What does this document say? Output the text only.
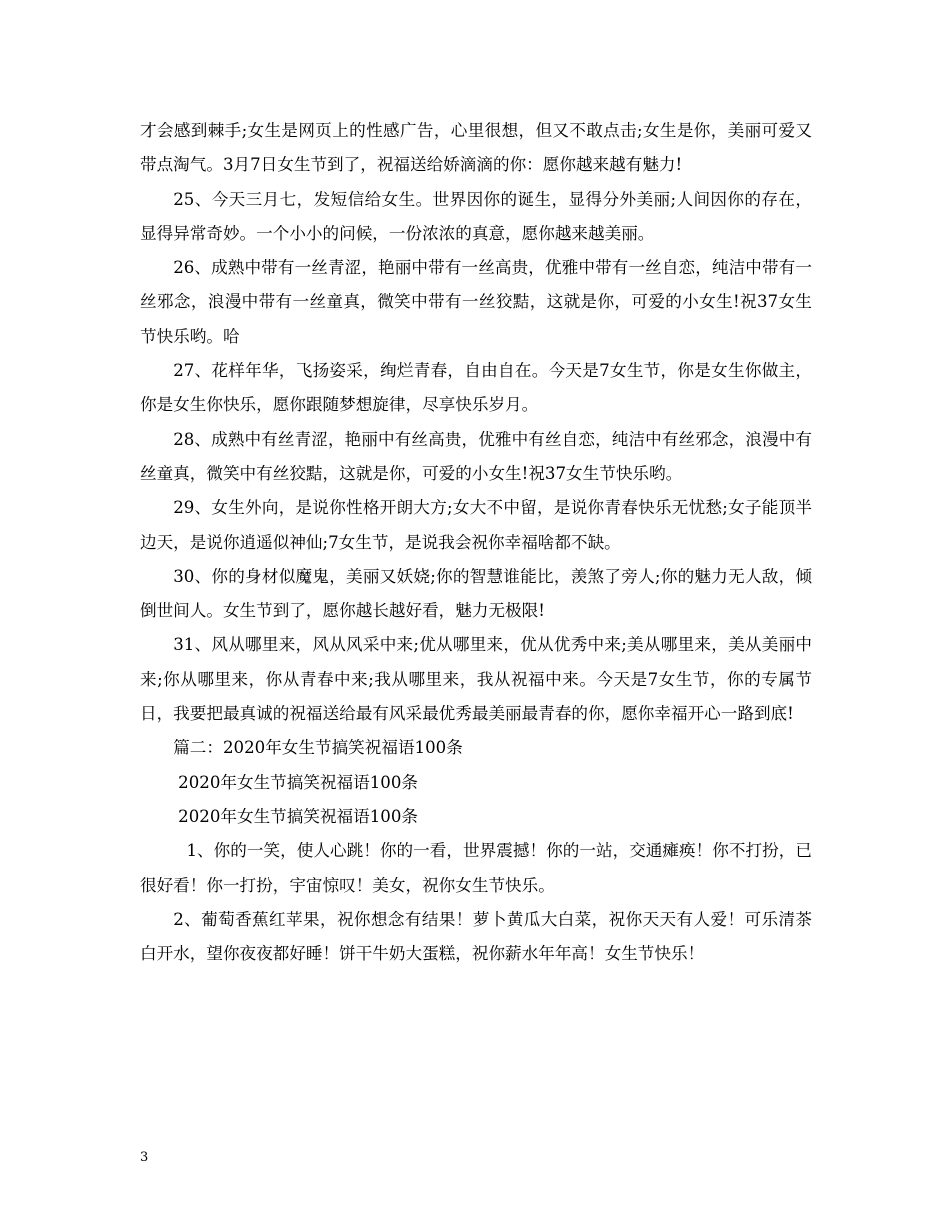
才会感到棘手;女生是网页上的性感广告，心里很想，但又不敢点击;女生是你，美丽可爱又带点淘气。3月7日女生节到了，祝福送给娇滴滴的你：愿你越来越有魅力!

25、今天三月七，发短信给女生。世界因你的诞生，显得分外美丽;人间因你的存在，显得异常奇妙。一个小小的问候，一份浓浓的真意，愿你越来越美丽。

26、成熟中带有一丝青涩，艳丽中带有一丝高贵，优雅中带有一丝自恋，纯洁中带有一丝邪念，浪漫中带有一丝童真，微笑中带有一丝狡黠，这就是你，可爱的小女生!祝37女生节快乐哟。哈

27、花样年华，飞扬姿采，绚烂青春，自由自在。今天是7女生节，你是女生你做主，你是女生你快乐，愿你跟随梦想旋律，尽享快乐岁月。

28、成熟中有丝青涩，艳丽中有丝高贵，优雅中有丝自恋，纯洁中有丝邪念，浪漫中有丝童真，微笑中有丝狡黠，这就是你，可爱的小女生!祝37女生节快乐哟。

29、女生外向，是说你性格开朗大方;女大不中留，是说你青春快乐无忧愁;女子能顶半边天，是说你逍遥似神仙;7女生节，是说我会祝你幸福啥都不缺。

30、你的身材似魔鬼，美丽又妖娆;你的智慧谁能比，羡煞了旁人;你的魅力无人敌，倾倒世间人。女生节到了，愿你越长越好看，魅力无极限!

31、风从哪里来，风从风采中来;优从哪里来，优从优秀中来;美从哪里来，美从美丽中来;你从哪里来，你从青春中来;我从哪里来，我从祝福中来。今天是7女生节，你的专属节日，我要把最真诚的祝福送给最有风采最优秀最美丽最青春的你，愿你幸福开心一路到底!

篇二：2020年女生节搞笑祝福语100条

2020年女生节搞笑祝福语100条

2020年女生节搞笑祝福语100条

1、你的一笑，使人心跳！你的一看，世界震撼！你的一站，交通瘫痪！你不打扮，已很好看！你一打扮，宇宙惊叹！美女，祝你女生节快乐。

2、葡萄香蕉红苹果，祝你想念有结果！萝卜黄瓜大白菜，祝你天天有人爱！可乐清茶白开水，望你夜夜都好睡！饼干牛奶大蛋糕，祝你薪水年年高！女生节快乐！

3
